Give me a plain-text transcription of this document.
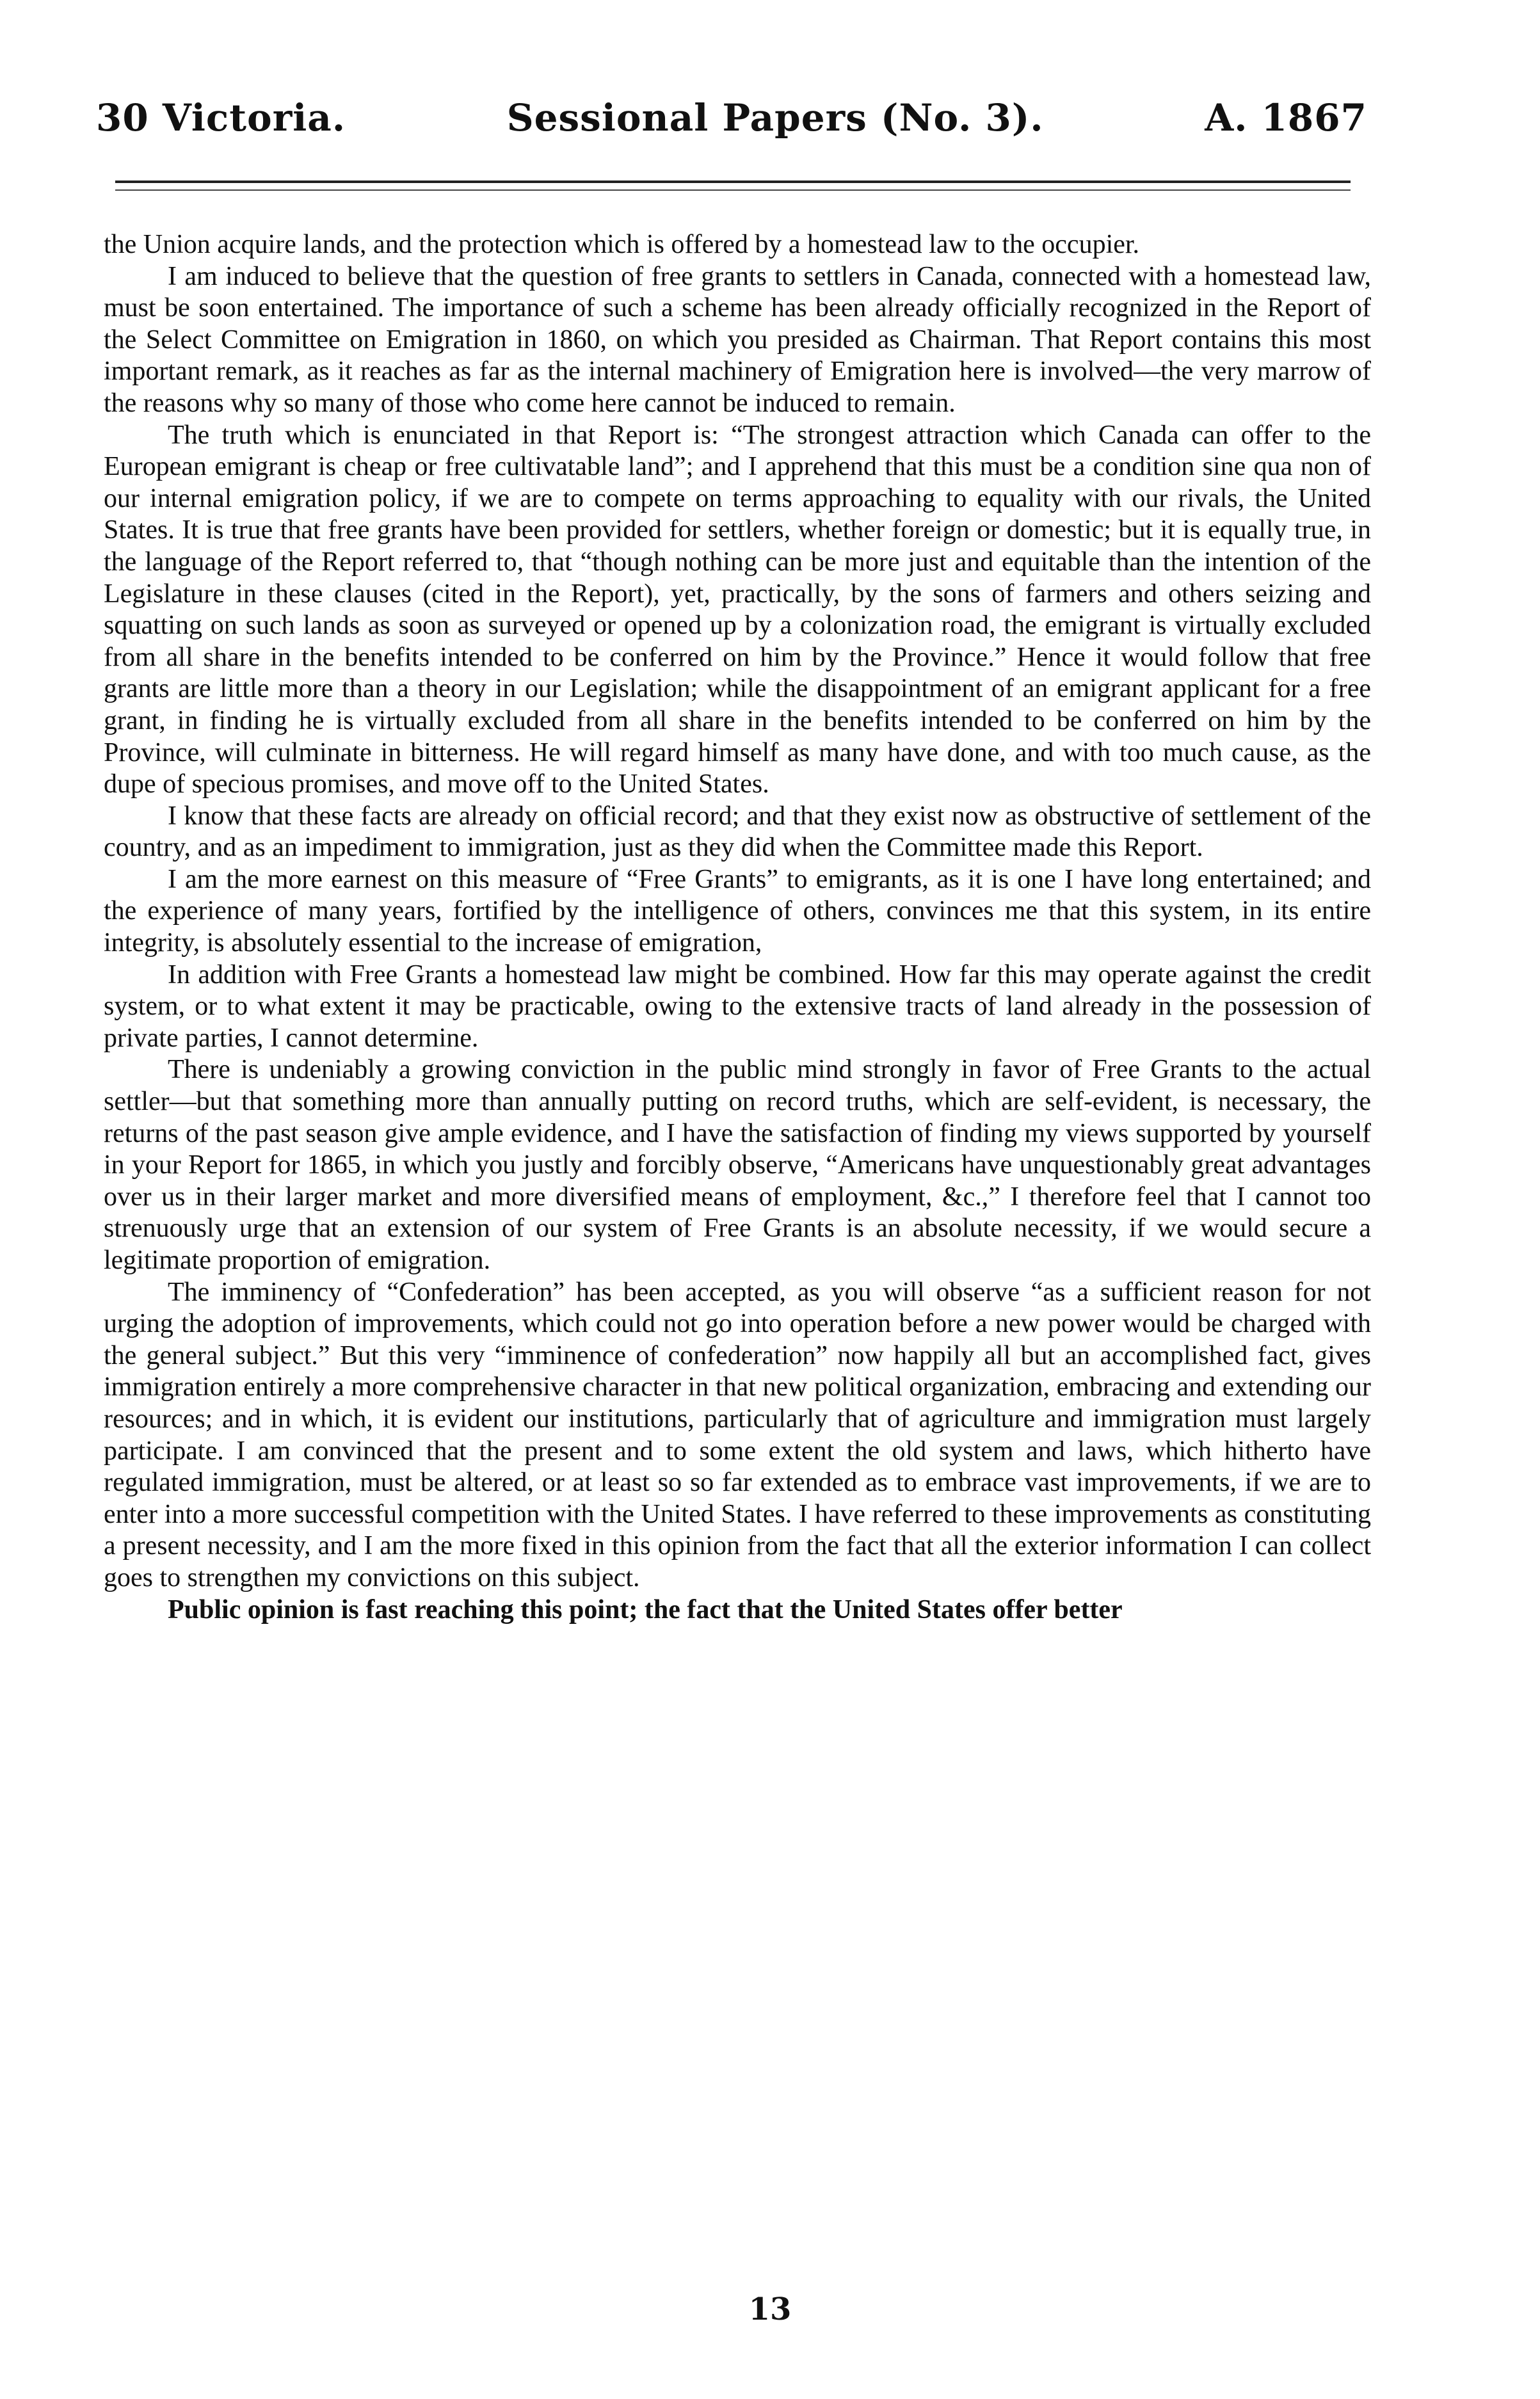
30 Victoria.	Sessional Papers (No. 3).	A. 1867

the Union acquire lands, and the protection which is offered by a homestead law to the occupier.

I am induced to believe that the question of free grants to settlers in Canada, connected with a homestead law, must be soon entertained. The importance of such a scheme has been already officially recognized in the Report of the Select Committee on Emigration in 1860, on which you presided as Chairman. That Report contains this most important remark, as it reaches as far as the internal machinery of Emigration here is involved—the very marrow of the reasons why so many of those who come here cannot be induced to remain.

The truth which is enunciated in that Report is: “The strongest attraction which Canada can offer to the European emigrant is cheap or free cultivatable land”; and I apprehend that this must be a condition sine qua non of our internal emigration policy, if we are to compete on terms approaching to equality with our rivals, the United States. It is true that free grants have been provided for settlers, whether foreign or domestic; but it is equally true, in the language of the Report referred to, that “though nothing can be more just and equitable than the intention of the Legislature in these clauses (cited in the Report), yet, practically, by the sons of farmers and others seizing and squatting on such lands as soon as surveyed or opened up by a colonization road, the emigrant is virtually excluded from all share in the benefits intended to be conferred on him by the Province.” Hence it would follow that free grants are little more than a theory in our Legislation; while the disappointment of an emigrant applicant for a free grant, in finding he is virtually excluded from all share in the benefits intended to be conferred on him by the Province, will culminate in bitterness. He will regard himself as many have done, and with too much cause, as the dupe of specious promises, and move off to the United States.

I know that these facts are already on official record; and that they exist now as obstructive of settlement of the country, and as an impediment to immigration, just as they did when the Committee made this Report.

I am the more earnest on this measure of “Free Grants” to emigrants, as it is one I have long entertained; and the experience of many years, fortified by the intelligence of others, convinces me that this system, in its entire integrity, is absolutely essential to the increase of emigration,

In addition with Free Grants a homestead law might be combined. How far this may operate against the credit system, or to what extent it may be practicable, owing to the extensive tracts of land already in the possession of private parties, I cannot determine.

There is undeniably a growing conviction in the public mind strongly in favor of Free Grants to the actual settler—but that something more than annually putting on record truths, which are self-evident, is necessary, the returns of the past season give ample evidence, and I have the satisfaction of finding my views supported by yourself in your Report for 1865, in which you justly and forcibly observe, “Americans have unquestionably great advantages over us in their larger market and more diversified means of employment, &c.,” I therefore feel that I cannot too strenuously urge that an extension of our system of Free Grants is an absolute necessity, if we would secure a legitimate proportion of emigration.

The imminency of “Confederation” has been accepted, as you will observe “as a sufficient reason for not urging the adoption of improvements, which could not go into operation before a new power would be charged with the general subject.” But this very “imminence of confederation” now happily all but an accomplished fact, gives immigration entirely a more comprehensive character in that new political organization, embracing and extending our resources; and in which, it is evident our institutions, particularly that of agriculture and immigration must largely participate. I am convinced that the present and to some extent the old system and laws, which hitherto have regulated immigration, must be altered, or at least so so far extended as to embrace vast improvements, if we are to enter into a more successful competition with the United States. I have referred to these improvements as constituting a present necessity, and I am the more fixed in this opinion from the fact that all the exterior information I can collect goes to strengthen my convictions on this subject.

Public opinion is fast reaching this point; the fact that the United States offer better

13
